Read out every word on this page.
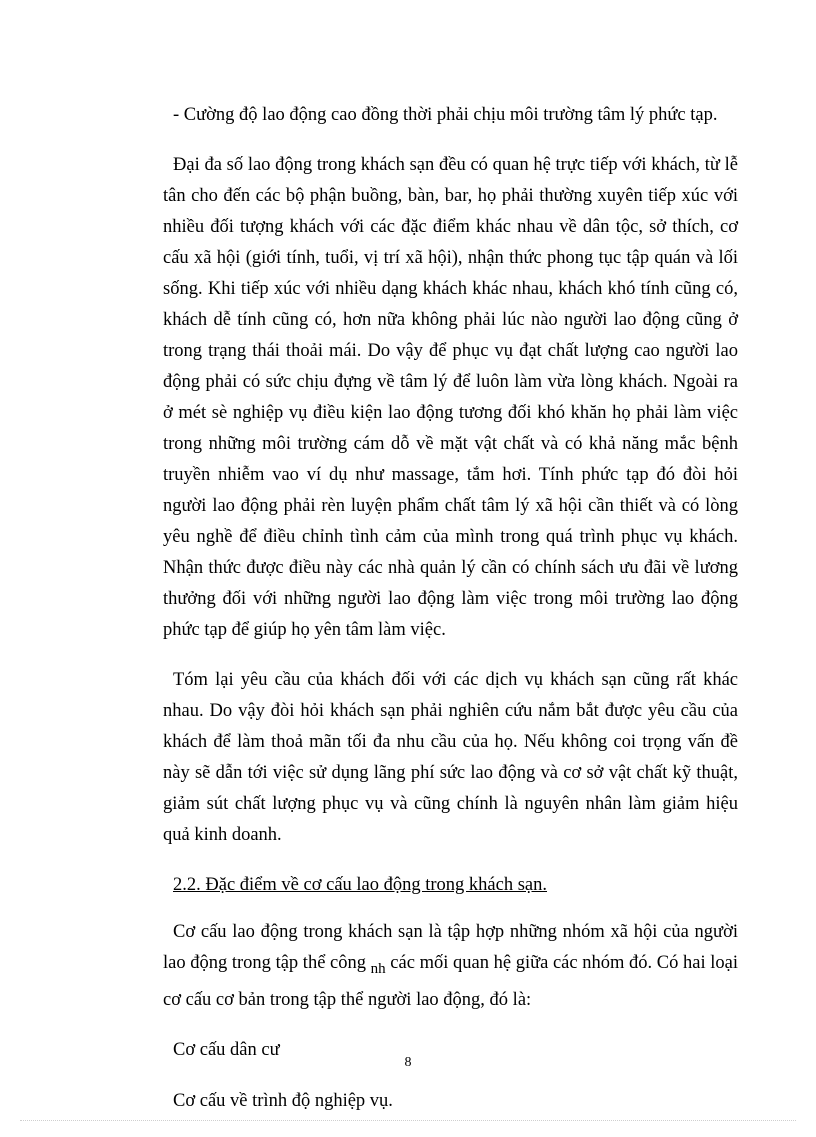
- Cường độ lao động cao đồng thời phải chịu môi trường tâm lý phức tạp.

Đại đa số lao động trong khách sạn đều có quan hệ trực tiếp với khách, từ lễ tân cho đến các bộ phận buồng, bàn, bar, họ phải thường xuyên tiếp xúc với nhiều đối tượng khách với các đặc điểm khác nhau về dân tộc, sở thích, cơ cấu xã hội (giới tính, tuổi, vị trí xã hội), nhận thức phong tục tập quán và lối sống. Khi tiếp xúc với nhiều dạng khách khác nhau, khách khó tính cũng có, khách dễ tính cũng có, hơn nữa không phải lúc nào người lao động cũng ở trong trạng thái thoải mái. Do vậy để phục vụ đạt chất lượng cao người lao động phải có sức chịu đựng về tâm lý để luôn làm vừa lòng khách. Ngoài ra ở mét sè nghiệp vụ điều kiện lao động tương đối khó khăn họ phải làm việc trong những môi trường cám dỗ về mặt vật chất và có khả năng mắc bệnh truyền nhiễm vao ví dụ như massage, tắm hơi. Tính phức tạp đó đòi hỏi người lao động phải rèn luyện phẩm chất tâm lý xã hội cần thiết và có lòng yêu nghề để điều chỉnh tình cảm của mình trong quá trình phục vụ khách. Nhận thức được điều này các nhà quản lý cần có chính sách ưu đãi về lương thưởng đối với những người lao động làm việc trong môi trường lao động phức tạp để giúp họ yên tâm làm việc.

Tóm lại yêu cầu của khách đối với các dịch vụ khách sạn cũng rất khác nhau. Do vậy đòi hỏi khách sạn phải nghiên cứu nắm bắt được yêu cầu của khách để làm thoả mãn tối đa nhu cầu của họ. Nếu không coi trọng vấn đề này sẽ dẫn tới việc sử dụng lãng phí sức lao động và cơ sở vật chất kỹ thuật, giảm sút chất lượng phục vụ và cũng chính là nguyên nhân làm giảm hiệu quả kinh doanh.

2.2. Đặc điểm về cơ cấu lao động trong khách sạn.

Cơ cấu lao động trong khách sạn là tập hợp những nhóm xã hội của người lao động trong tập thể công $_{nh}$ các mối quan hệ giữa các nhóm đó. Có hai loại cơ cấu cơ bản trong tập thể người lao động, đó là:

Cơ cấu dân cư

Cơ cấu về trình độ nghiệp vụ.

8
